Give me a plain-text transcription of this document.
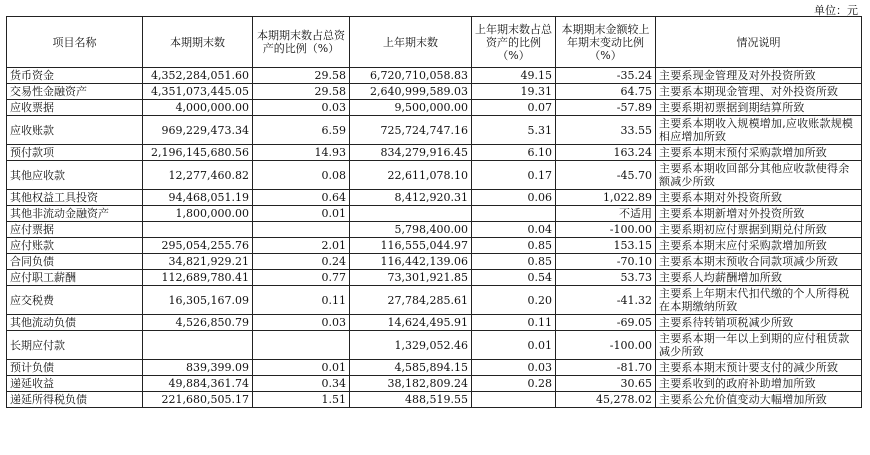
单位：元
项目名称	本期期末数	本期期末数占总资产的比例（%）	上年期末数	上年期末数占总资产的比例（%）	本期期末金额较上年期末变动比例（%）	情况说明
货币资金	4,352,284,051.60	29.58	6,720,710,058.83	49.15	-35.24	主要系现金管理及对外投资所致
交易性金融资产	4,351,073,445.05	29.58	2,640,999,589.03	19.31	64.75	主要系本期现金管理、对外投资所致
应收票据	4,000,000.00	0.03	9,500,000.00	0.07	-57.89	主要系期初票据到期结算所致
应收账款	969,229,473.34	6.59	725,724,747.16	5.31	33.55	主要系本期收入规模增加,应收账款规模相应增加所致
预付款项	2,196,145,680.56	14.93	834,279,916.45	6.10	163.24	主要系本期末预付采购款增加所致
其他应收款	12,277,460.82	0.08	22,611,078.10	0.17	-45.70	主要系本期收回部分其他应收款使得余额减少所致
其他权益工具投资	94,468,051.19	0.64	8,412,920.31	0.06	1,022.89	主要系本期对外投资所致
其他非流动金融资产	1,800,000.00	0.01			不适用	主要系本期新增对外投资所致
应付票据			5,798,400.00	0.04	-100.00	主要系期初应付票据到期兑付所致
应付账款	295,054,255.76	2.01	116,555,044.97	0.85	153.15	主要系本期末应付采购款增加所致
合同负债	34,821,929.21	0.24	116,442,139.06	0.85	-70.10	主要系本期末预收合同款项减少所致
应付职工薪酬	112,689,780.41	0.77	73,301,921.85	0.54	53.73	主要系人均薪酬增加所致
应交税费	16,305,167.09	0.11	27,784,285.61	0.20	-41.32	主要系上年期末代扣代缴的个人所得税在本期缴纳所致
其他流动负债	4,526,850.79	0.03	14,624,495.91	0.11	-69.05	主要系待转销项税减少所致
长期应付款			1,329,052.46	0.01	-100.00	主要系本期一年以上到期的应付租赁款减少所致
预计负债	839,399.09	0.01	4,585,894.15	0.03	-81.70	主要系本期末预计要支付的减少所致
递延收益	49,884,361.74	0.34	38,182,809.24	0.28	30.65	主要系收到的政府补助增加所致
递延所得税负债	221,680,505.17	1.51	488,519.55		45,278.02	主要系公允价值变动大幅增加所致
